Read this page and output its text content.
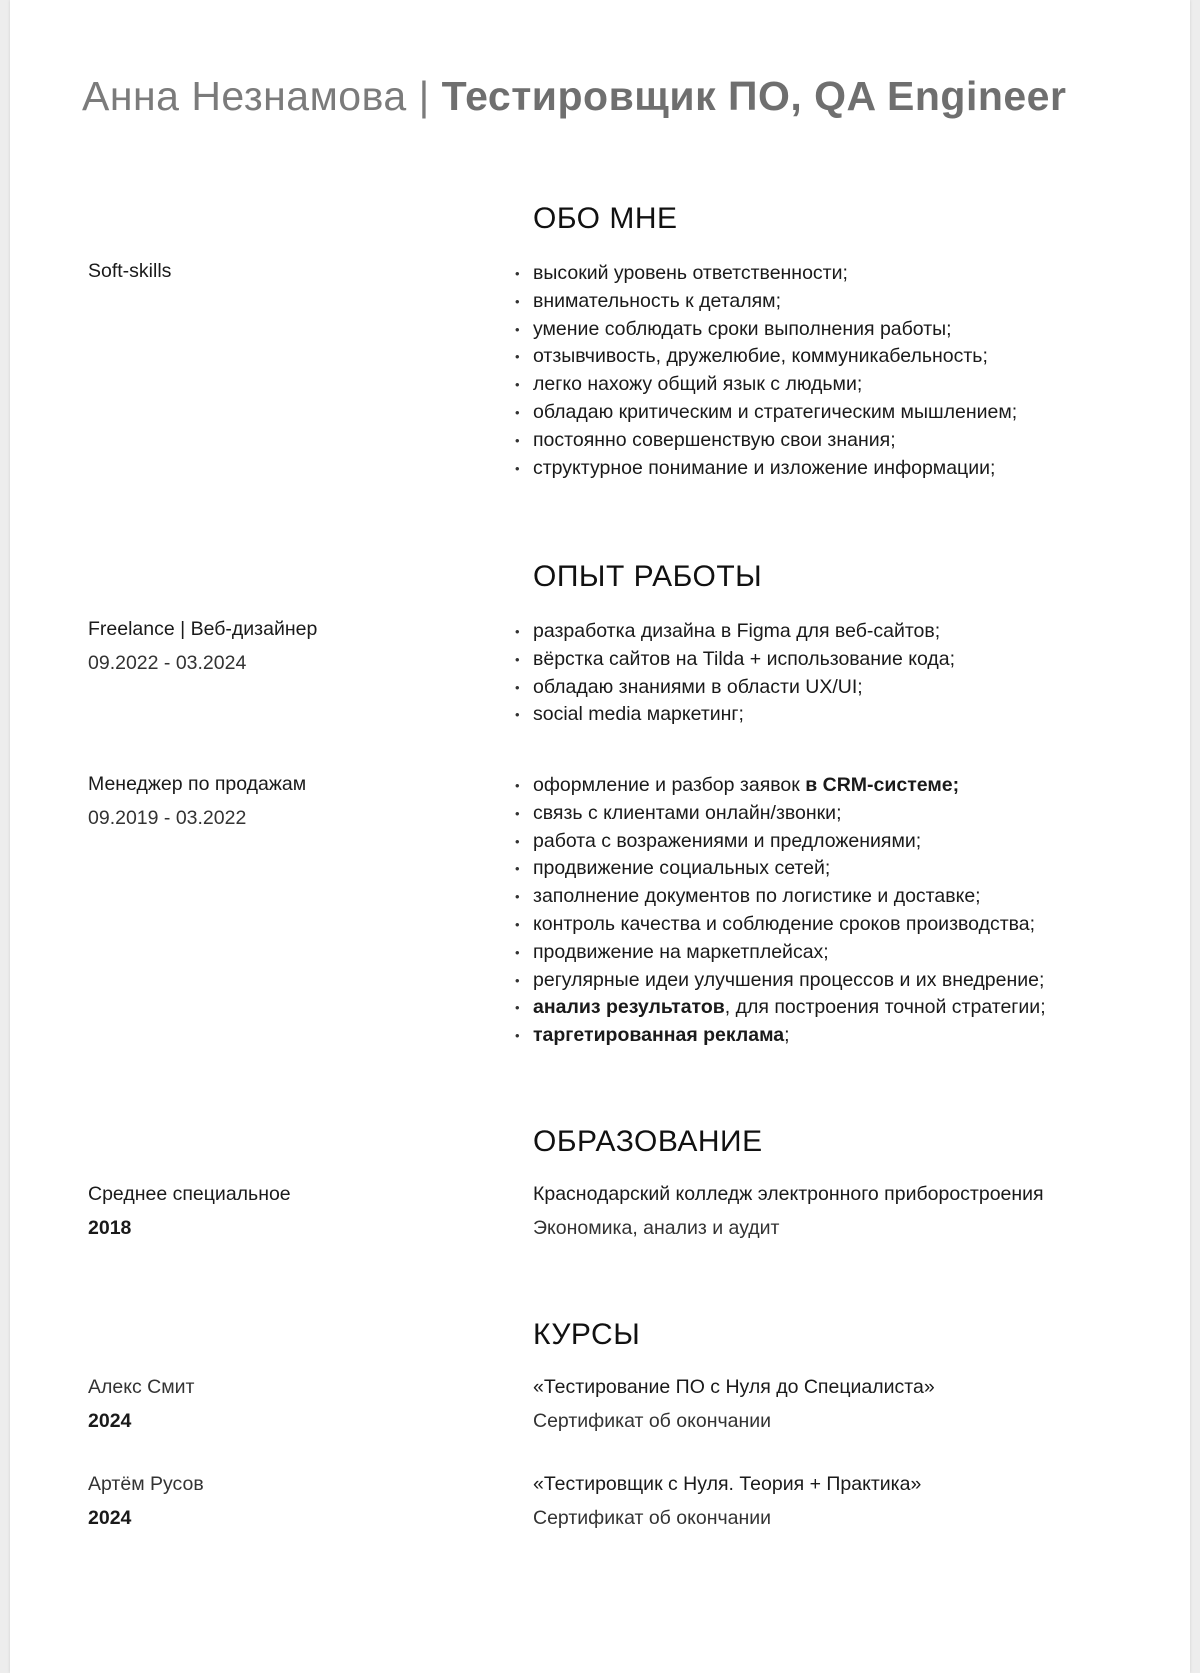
Анна Незнамова | Тестировщик ПО, QA Engineer
ОБО МНЕ
Soft-skills
•	высокий уровень ответственности;
• внимательность к деталям;
• умение соблюдать сроки выполнения работы;
• отзывчивость, дружелюбие, коммуникабельность;
• легко нахожу общий язык с людьми;
• обладаю критическим и стратегическим мышлением;
• постоянно совершенствую свои знания;
• структурное понимание и изложение информации;
ОПЫТ РАБОТЫ
Freelance | Веб-дизайнер
09.2022 - 03.2024
• разработка дизайна в Figma для веб-сайтов;
• вёрстка сайтов на Tilda + использование кода;
• обладаю знаниями в области UX/UI;
• social media маркетинг;
Менеджер по продажам
09.2019 - 03.2022
• оформление и разбор заявок в CRM-системе;
• связь с клиентами онлайн/звонки;
• работа с возражениями и предложениями;
• продвижение социальных сетей;
• заполнение документов по логистике и доставке;
• контроль качества и соблюдение сроков производства;
• продвижение на маркетплейсах;
• регулярные идеи улучшения процессов и их внедрение;
• анализ результатов, для построения точной стратегии;
• таргетированная реклама;
ОБРАЗОВАНИЕ
Среднее специальное
2018
Краснодарский колледж электронного приборостроения
Экономика, анализ и аудит
КУРСЫ
Алекс Смит
2024
«Тестирование ПО с Нуля до Специалиста»
Сертификат об окончании
Артём Русов
2024
«Тестировщик с Нуля. Теория + Практика»
Сертификат об окончании
